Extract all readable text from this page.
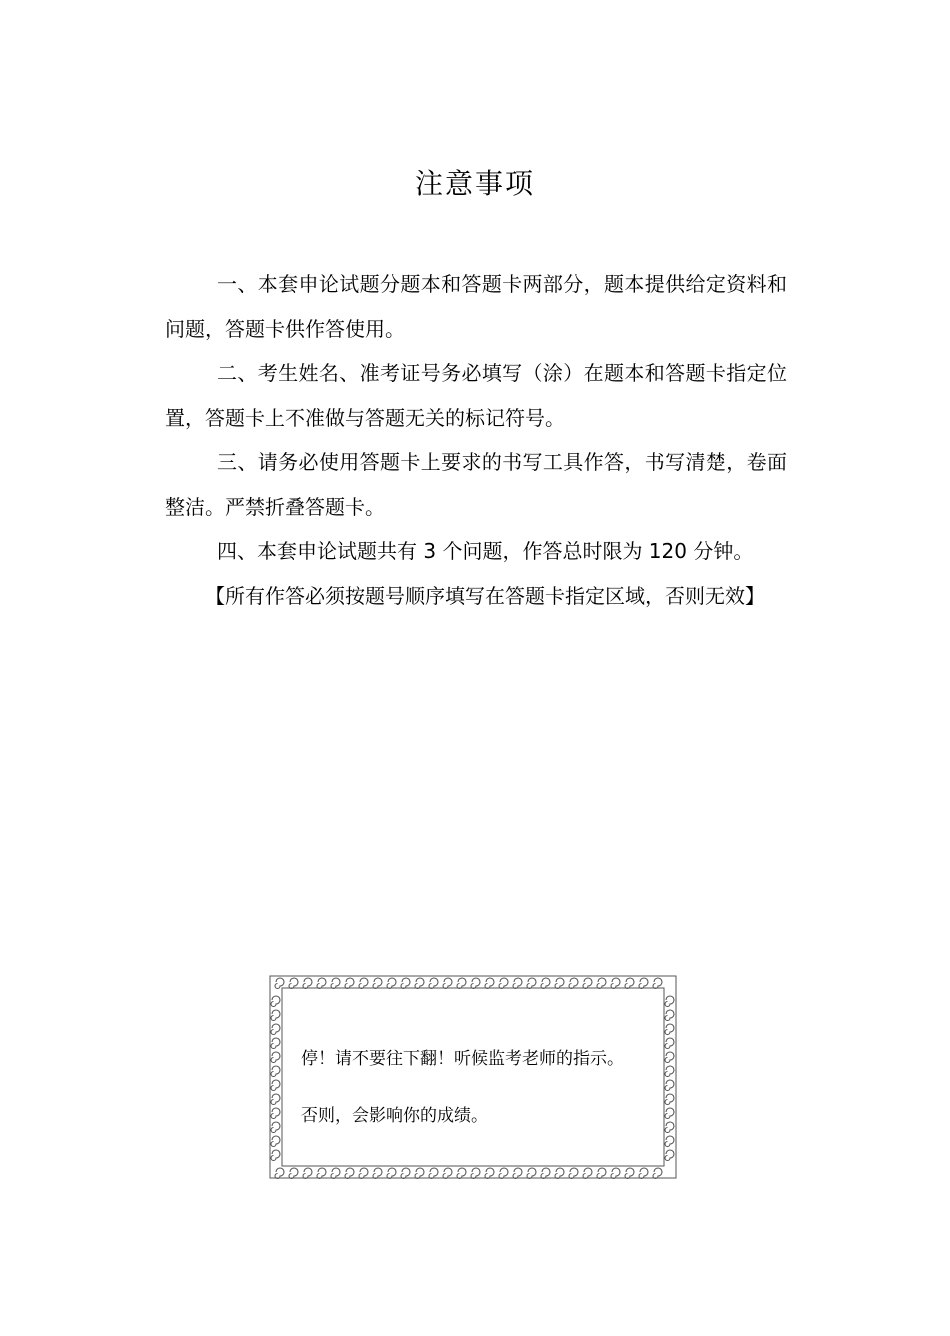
注意事项

一、本套申论试题分题本和答题卡两部分，题本提供给定资料和问题，答题卡供作答使用。

二、考生姓名、准考证号务必填写（涂）在题本和答题卡指定位置，答题卡上不准做与答题无关的标记符号。

三、请务必使用答题卡上要求的书写工具作答，书写清楚，卷面整洁。严禁折叠答题卡。

四、本套申论试题共有 3 个问题，作答总时限为 120 分钟。

【所有作答必须按题号顺序填写在答题卡指定区域，否则无效】

停！请不要往下翻！听候监考老师的指示。
否则，会影响你的成绩。
